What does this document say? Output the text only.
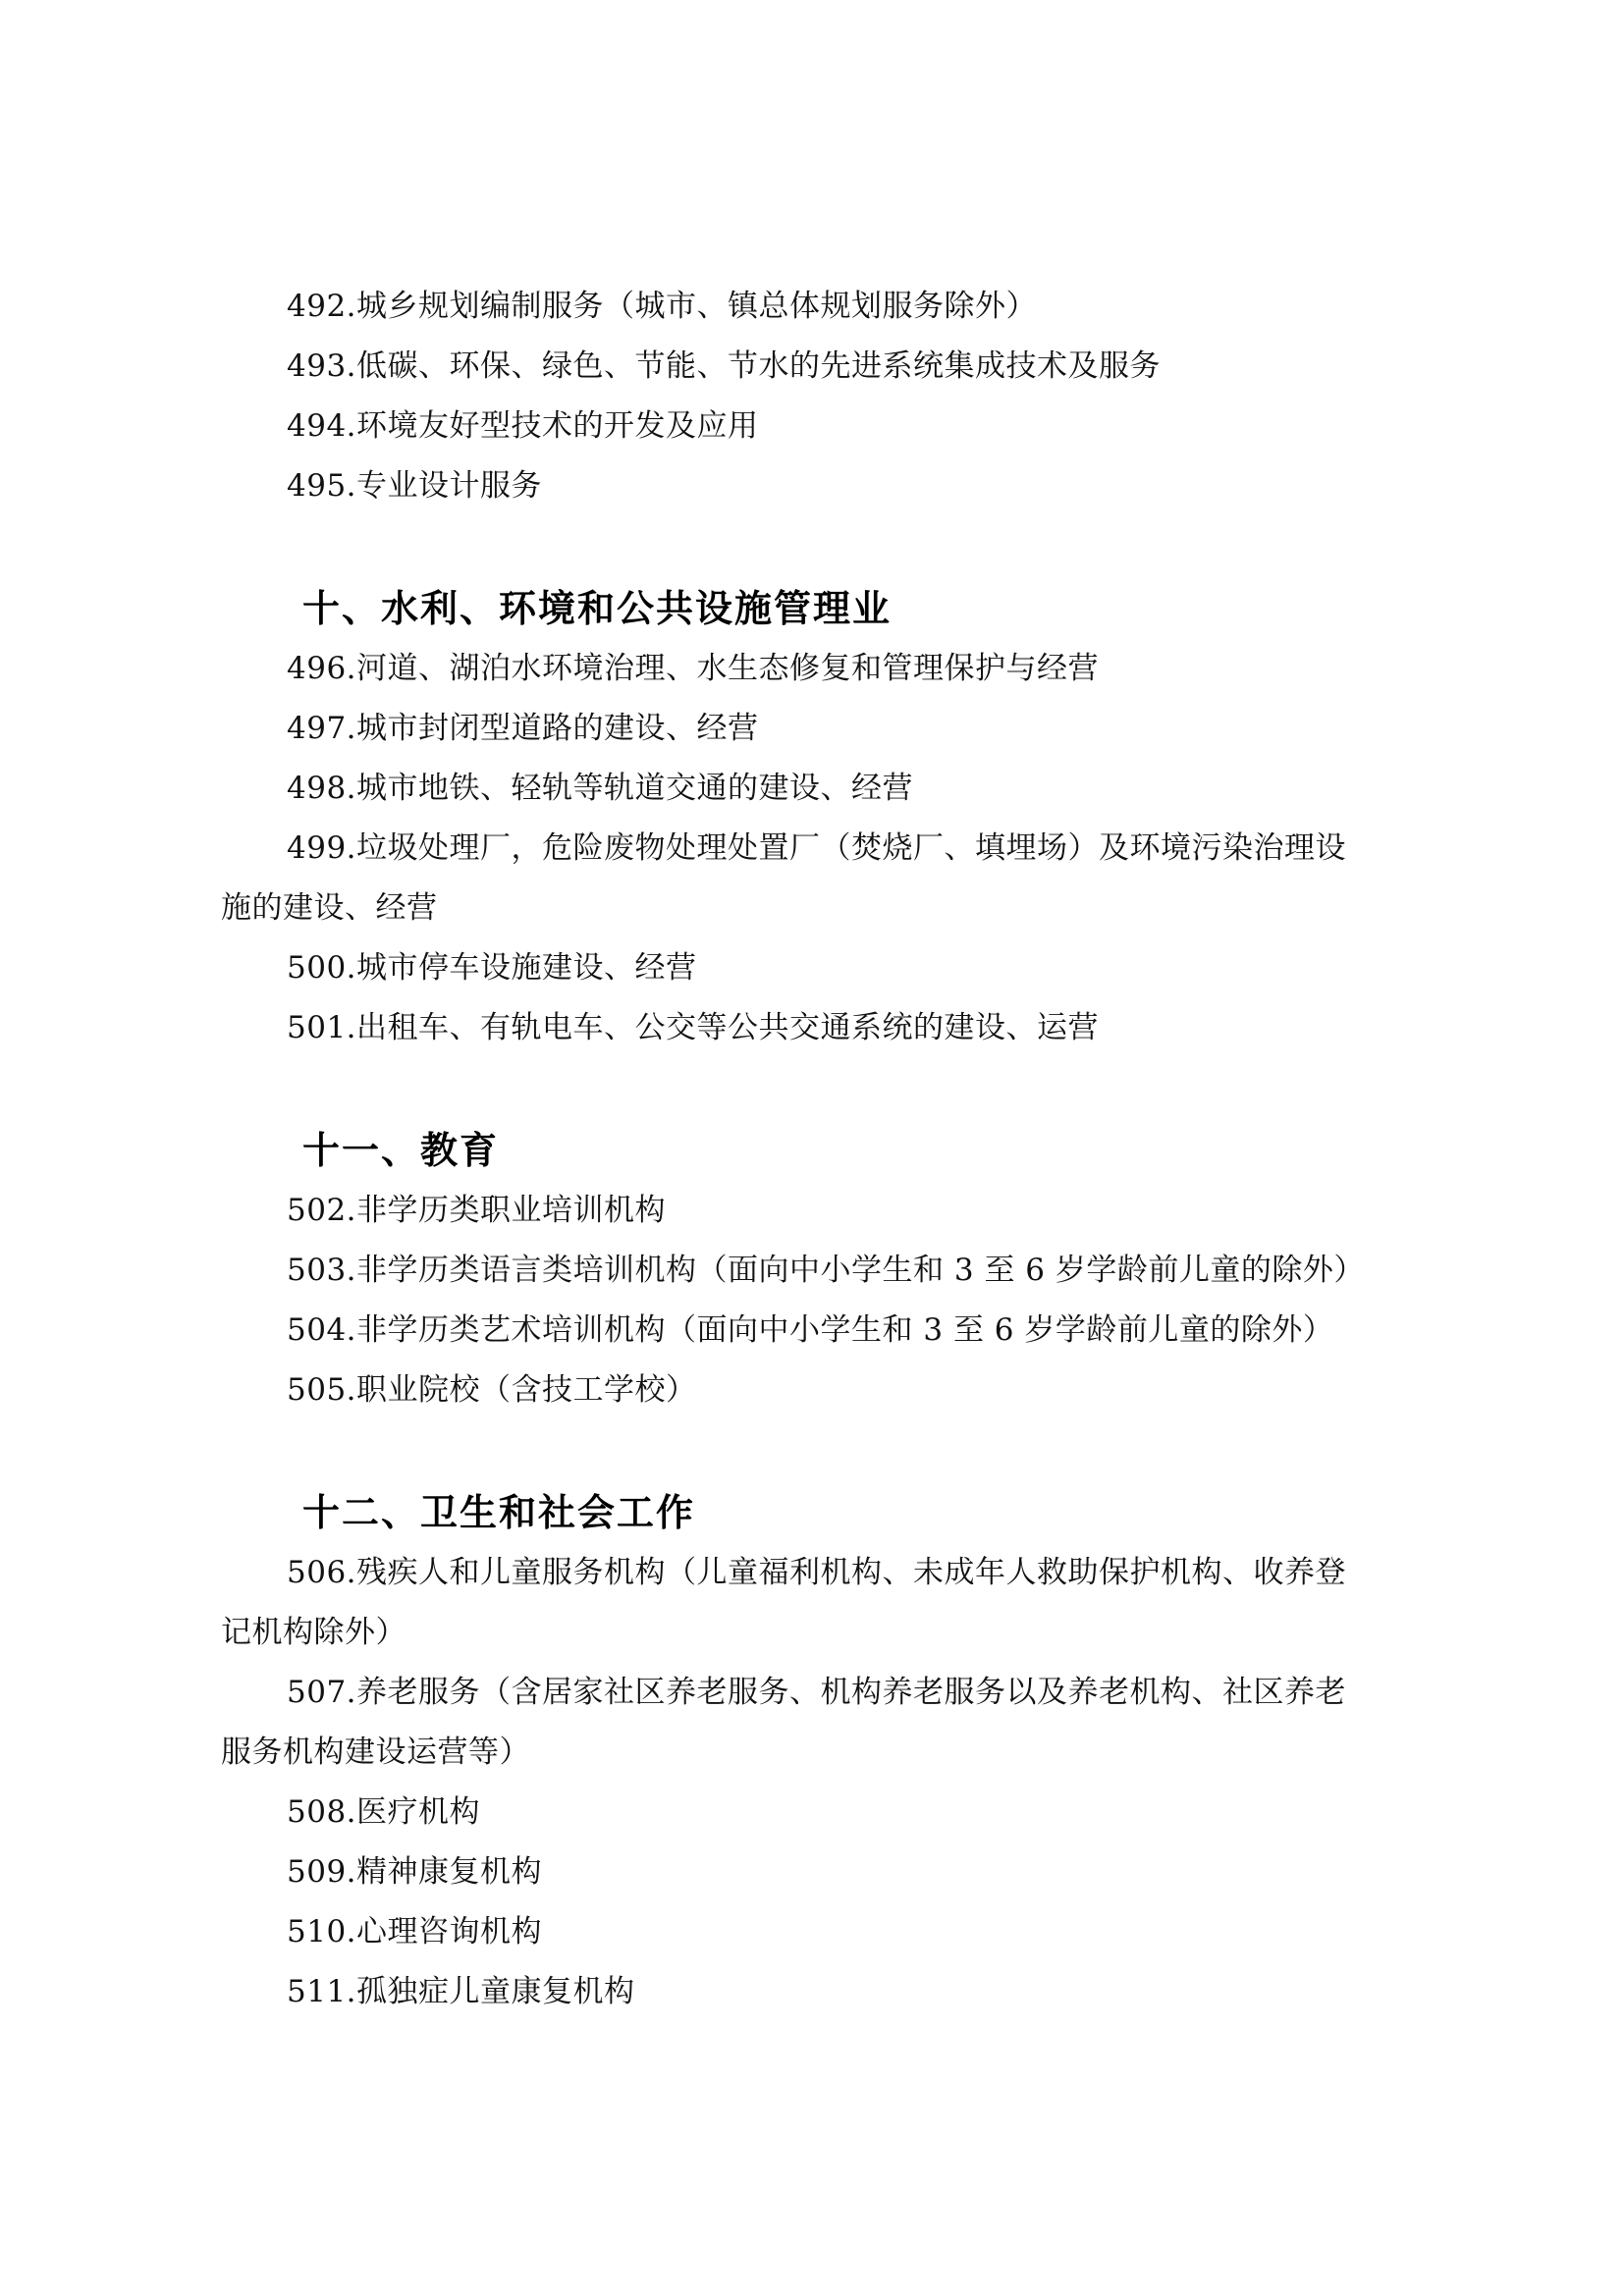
492.城乡规划编制服务（城市、镇总体规划服务除外）
493.低碳、环保、绿色、节能、节水的先进系统集成技术及服务
494.环境友好型技术的开发及应用
495.专业设计服务
十、水利、环境和公共设施管理业
496.河道、湖泊水环境治理、水生态修复和管理保护与经营
497.城市封闭型道路的建设、经营
498.城市地铁、轻轨等轨道交通的建设、经营
499.垃圾处理厂，危险废物处理处置厂（焚烧厂、填埋场）及环境污染治理设
施的建设、经营
500.城市停车设施建设、经营
501.出租车、有轨电车、公交等公共交通系统的建设、运营
十一、教育
502.非学历类职业培训机构
503.非学历类语言类培训机构（面向中小学生和 3 至 6 岁学龄前儿童的除外）
504.非学历类艺术培训机构（面向中小学生和 3 至 6 岁学龄前儿童的除外）
505.职业院校（含技工学校）
十二、卫生和社会工作
506.残疾人和儿童服务机构（儿童福利机构、未成年人救助保护机构、收养登
记机构除外）
507.养老服务（含居家社区养老服务、机构养老服务以及养老机构、社区养老
服务机构建设运营等）
508.医疗机构
509.精神康复机构
510.心理咨询机构
511.孤独症儿童康复机构
